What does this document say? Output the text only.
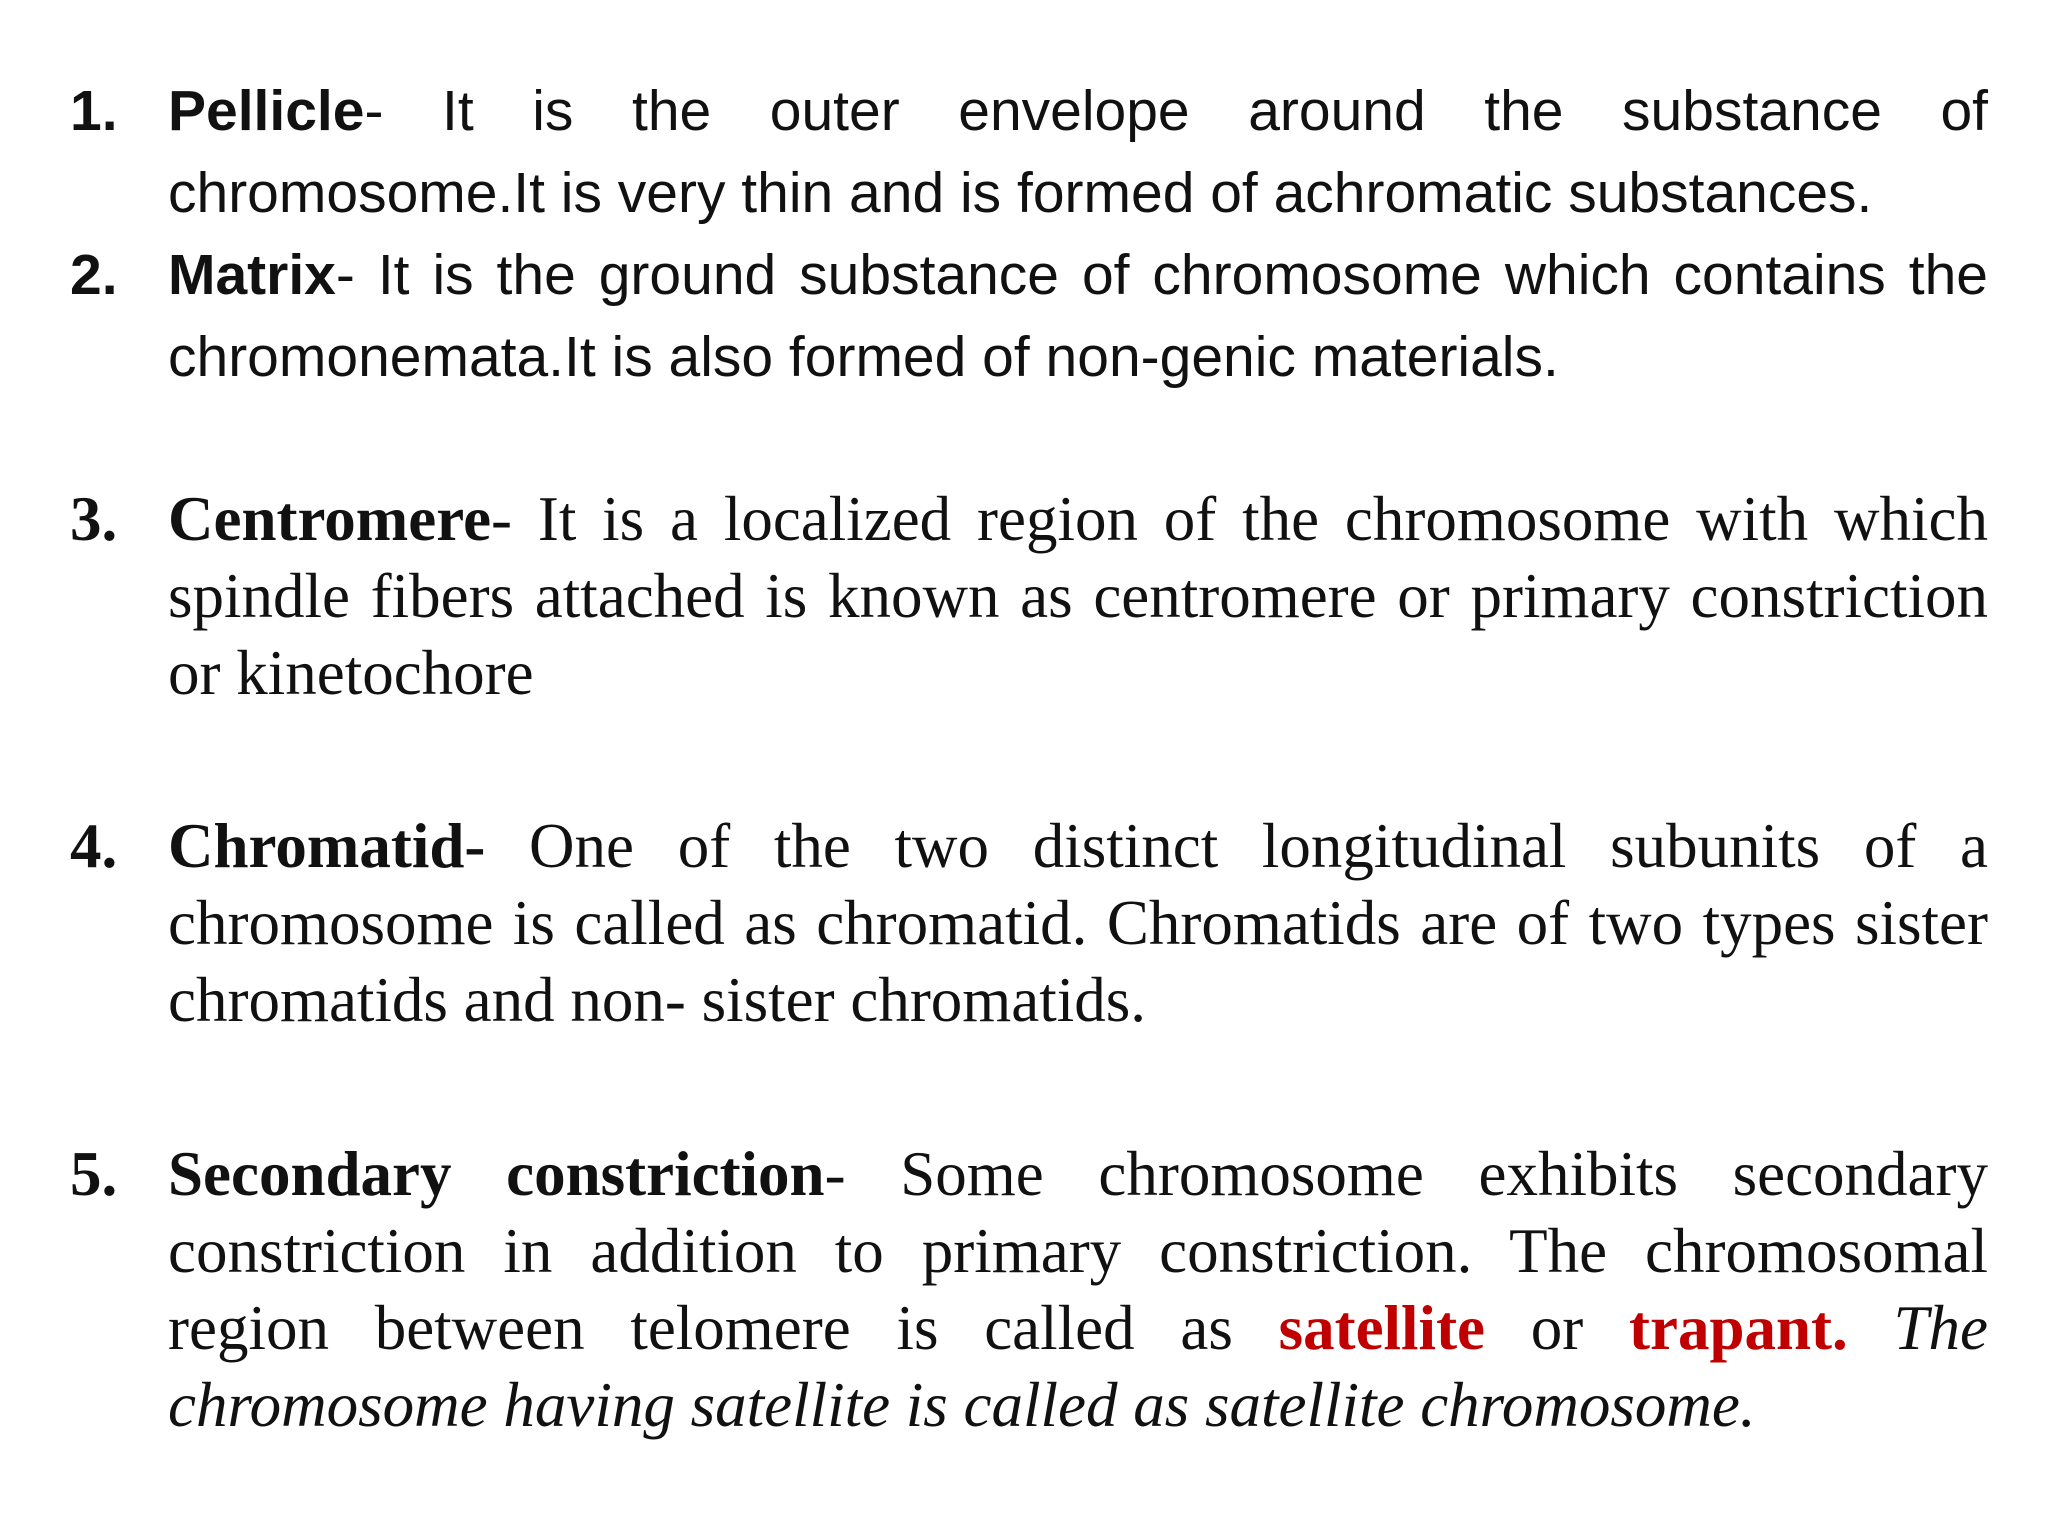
1. Pellicle- It is the outer envelope around the substance of chromosome.It is very thin and is formed of achromatic substances.
2. Matrix- It is the ground substance of chromosome which contains the chromonemata.It is also formed of non-genic materials.
3. Centromere- It is a localized region of the chromosome with which spindle fibers attached is known as centromere or primary constriction or kinetochore
4. Chromatid- One of the two distinct longitudinal subunits of a chromosome is called as chromatid. Chromatids are of two types sister chromatids and non- sister chromatids.
5. Secondary constriction- Some chromosome exhibits secondary constriction in addition to primary constriction. The chromosomal region between telomere is called as satellite or trapant. The chromosome having satellite is called as satellite chromosome.
